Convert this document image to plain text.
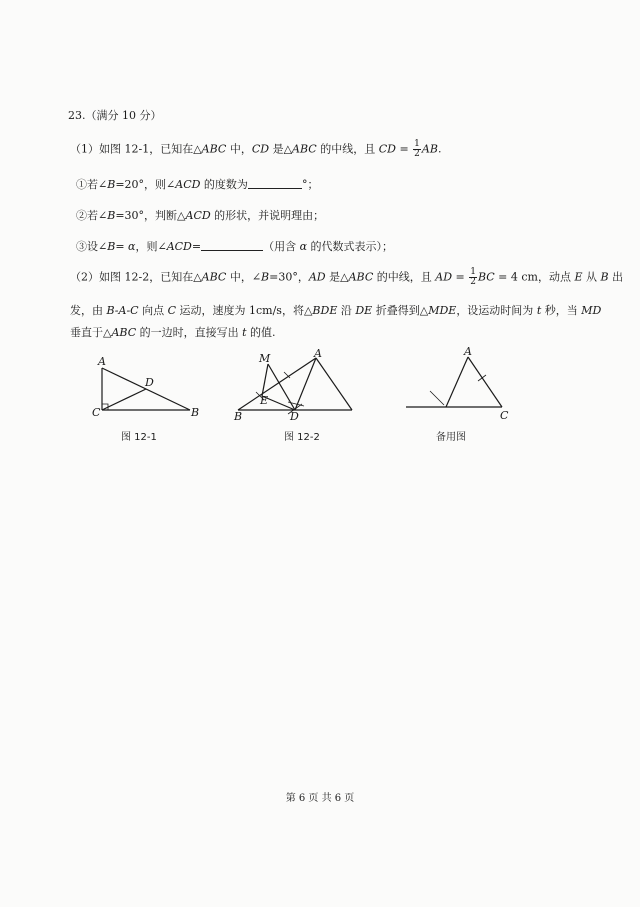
23.（满分 10 分）
（1）如图 12-1，已知在△ABC 中，CD 是△ABC 的中线，且 CD = $\frac{1}{2}$ AB.
①若∠B=20°，则∠ACD 的度数为	°；
②若∠B=30°，判断△ACD 的形状，并说明理由；
③设∠B= α，则∠ACD=	（用含 α 的代数式表示）；
（2）如图 12-2，已知在△ABC 中，∠B=30°，AD 是△ABC 的中线，且 AD = $\frac{1}{2}$ BC = 4 cm，动点 E 从 B 出
发，由 B-A-C 向点 C 运动，速度为 1cm/s，将△BDE 沿 DE 折叠得到△MDE，设运动时间为 t 秒，当 MD
垂直于△ABC 的一边时，直接写出 t 的值.
A
D
C	B
图 12-1
M	A
E
B	D
图 12-2
A
C
备用图
第 6 页 共 6 页
